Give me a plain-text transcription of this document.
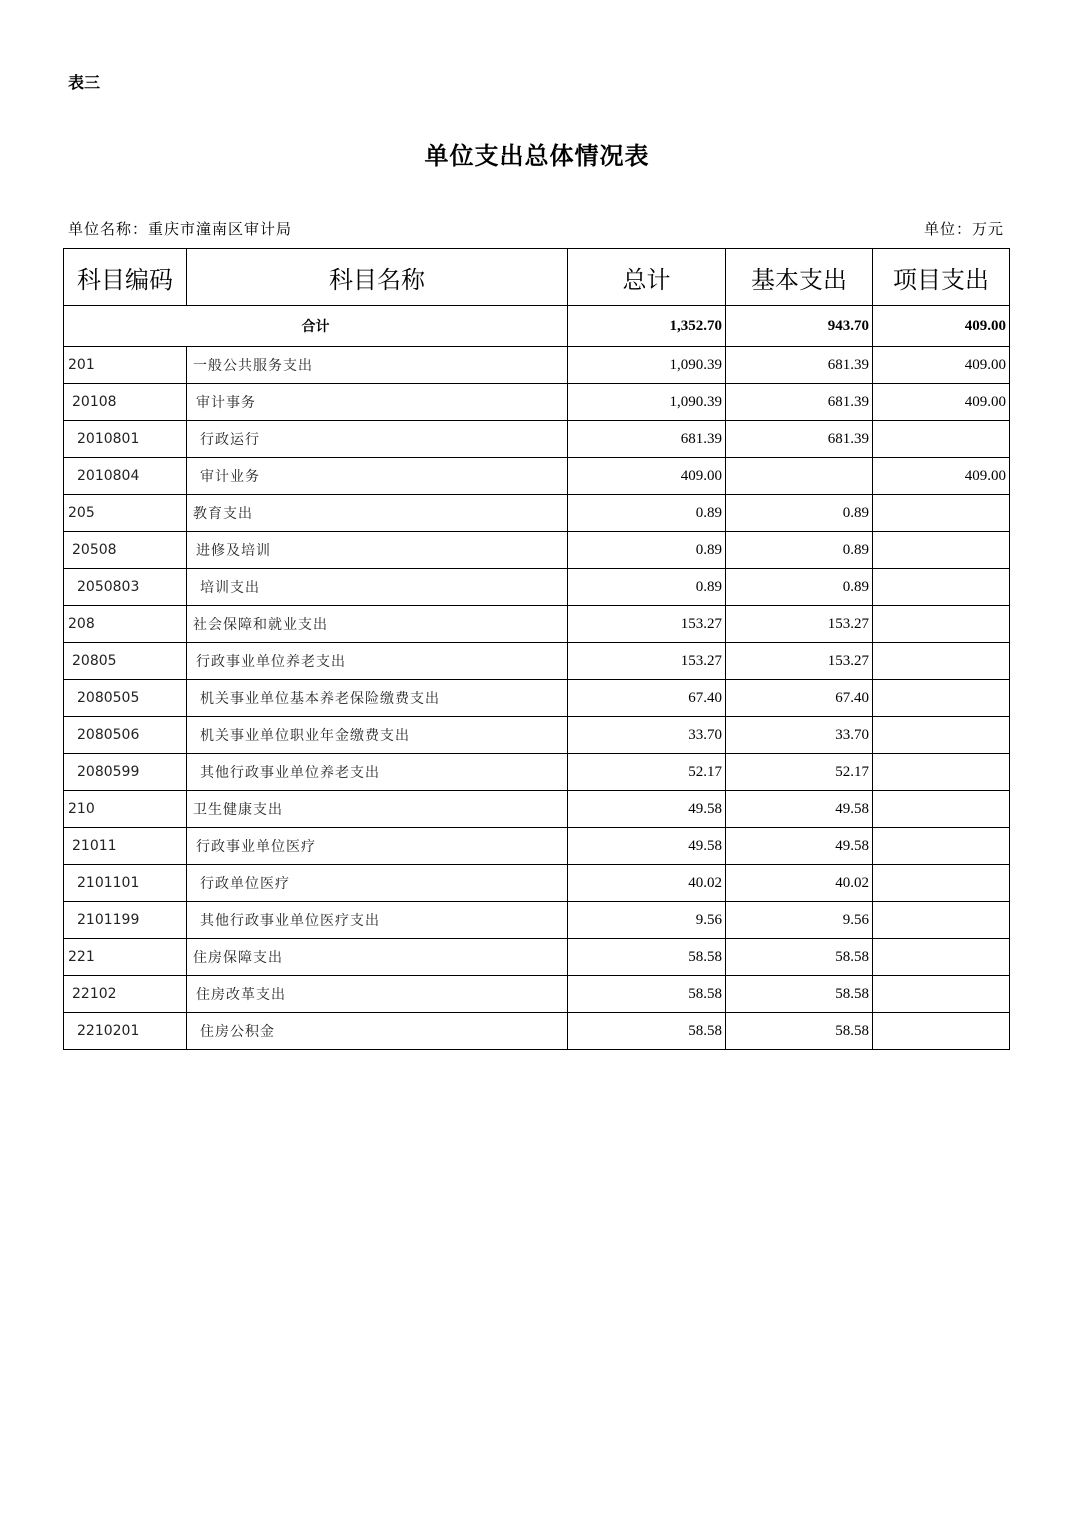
表三
单位支出总体情况表
单位名称：重庆市潼南区审计局	单位：万元
科目编码	科目名称	总计	基本支出	项目支出
合计		1,352.70	943.70	409.00
201	一般公共服务支出	1,090.39	681.39	409.00
20108	审计事务	1,090.39	681.39	409.00
2010801	行政运行	681.39	681.39	
2010804	审计业务	409.00		409.00
205	教育支出	0.89	0.89	
20508	进修及培训	0.89	0.89	
2050803	培训支出	0.89	0.89	
208	社会保障和就业支出	153.27	153.27	
20805	行政事业单位养老支出	153.27	153.27	
2080505	机关事业单位基本养老保险缴费支出	67.40	67.40	
2080506	机关事业单位职业年金缴费支出	33.70	33.70	
2080599	其他行政事业单位养老支出	52.17	52.17	
210	卫生健康支出	49.58	49.58	
21011	行政事业单位医疗	49.58	49.58	
2101101	行政单位医疗	40.02	40.02	
2101199	其他行政事业单位医疗支出	9.56	9.56	
221	住房保障支出	58.58	58.58	
22102	住房改革支出	58.58	58.58	
2210201	住房公积金	58.58	58.58	
